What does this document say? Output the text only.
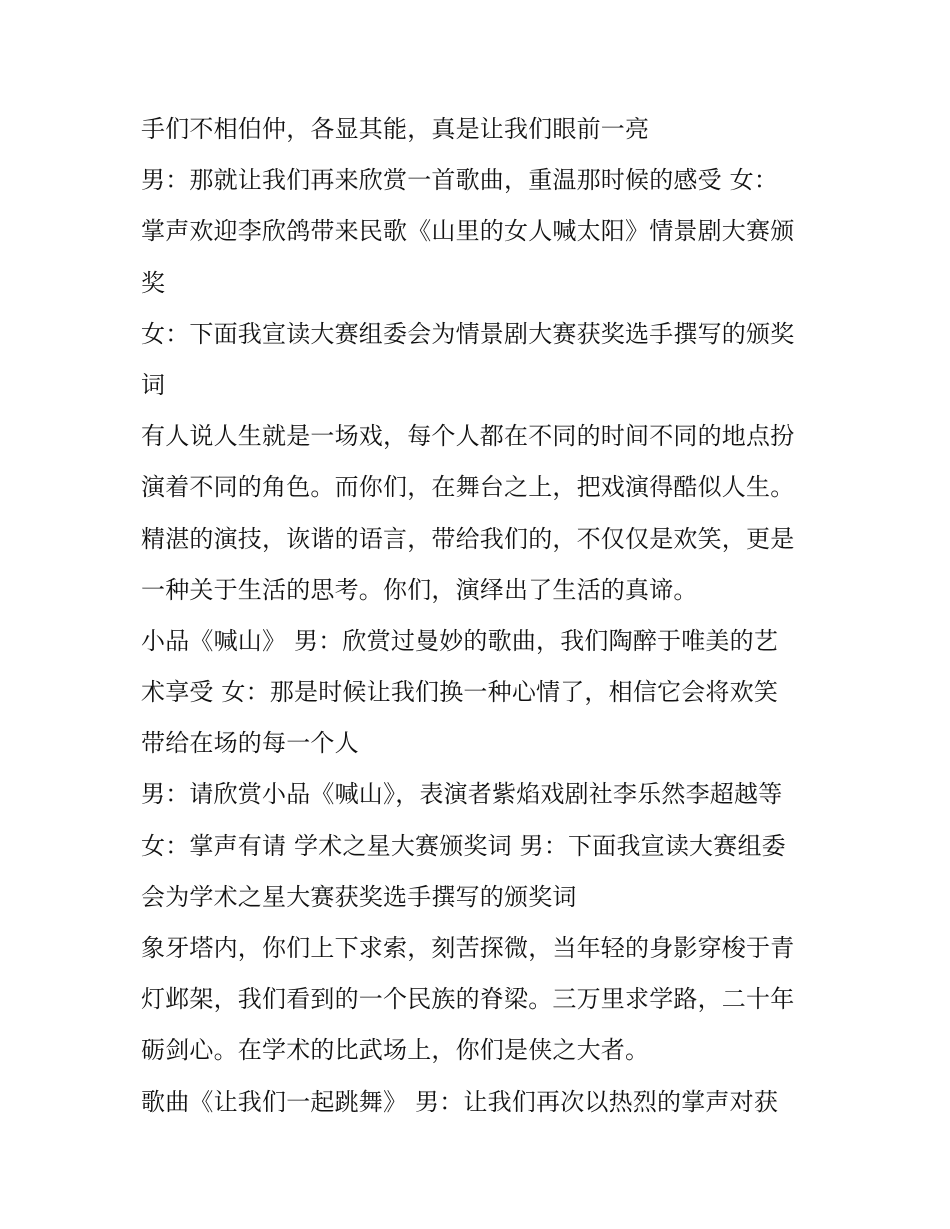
手们不相伯仲，各显其能，真是让我们眼前一亮
男：那就让我们再来欣赏一首歌曲，重温那时候的感受 女：
掌声欢迎李欣鸽带来民歌《山里的女人喊太阳》情景剧大赛颁
奖
女：下面我宣读大赛组委会为情景剧大赛获奖选手撰写的颁奖
词
有人说人生就是一场戏，每个人都在不同的时间不同的地点扮
演着不同的角色。而你们，在舞台之上，把戏演得酷似人生。
精湛的演技，诙谐的语言，带给我们的，不仅仅是欢笑，更是
一种关于生活的思考。你们，演绎出了生活的真谛。
小品《喊山》 男：欣赏过曼妙的歌曲，我们陶醉于唯美的艺
术享受 女：那是时候让我们换一种心情了，相信它会将欢笑
带给在场的每一个人
男：请欣赏小品《喊山》，表演者紫焰戏剧社李乐然李超越等
女：掌声有请 学术之星大赛颁奖词 男：下面我宣读大赛组委
会为学术之星大赛获奖选手撰写的颁奖词
象牙塔内，你们上下求索，刻苦探微，当年轻的身影穿梭于青
灯邺架，我们看到的一个民族的脊梁。三万里求学路，二十年
砺剑心。在学术的比武场上，你们是侠之大者。
歌曲《让我们一起跳舞》 男：让我们再次以热烈的掌声对获
